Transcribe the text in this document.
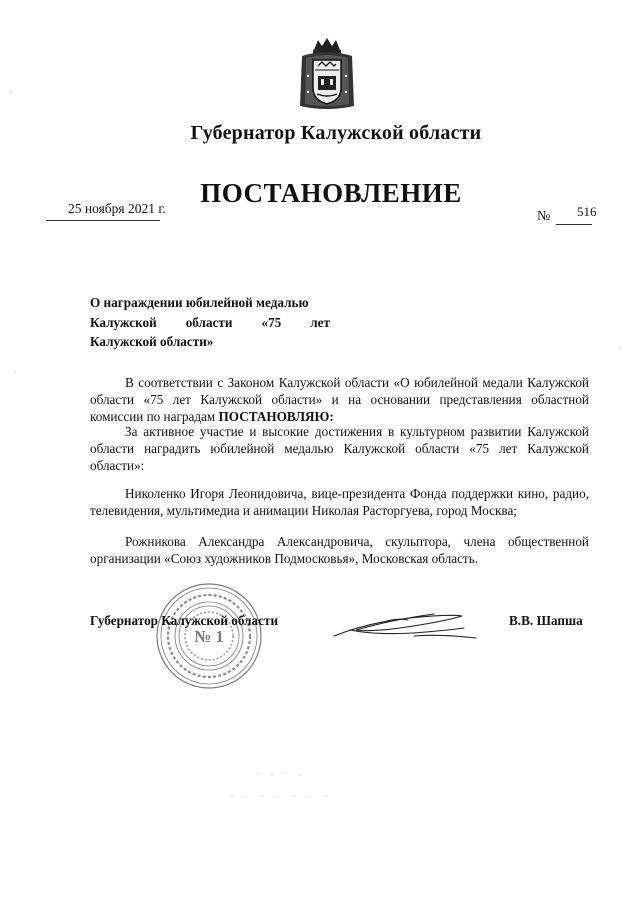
Губернатор Калужской области
ПОСТАНОВЛЕНИЕ
25 ноября 2021 г.
№ 516
О награждении юбилейной медалью
Калужской области «75 лет
Калужской области»
В соответствии с Законом Калужской области «О юбилейной медали Калужской области «75 лет Калужской области» и на основании представления областной комиссии по наградам ПОСТАНОВЛЯЮ:
За активное участие и высокие достижения в культурном развитии Калужской области наградить юбилейной медалью Калужской области «75 лет Калужской области»:
Николенко Игоря Леонидовича, вице-президента Фонда поддержки кино, радио, телевидения, мультимедиа и анимации Николая Расторгуева, город Москва;
Рожникова Александра Александровича, скульптора, члена общественной организации «Союз художников Подмосковья», Московская область.
№ 1
Губернатор Калужской области	В.В. Шапша
